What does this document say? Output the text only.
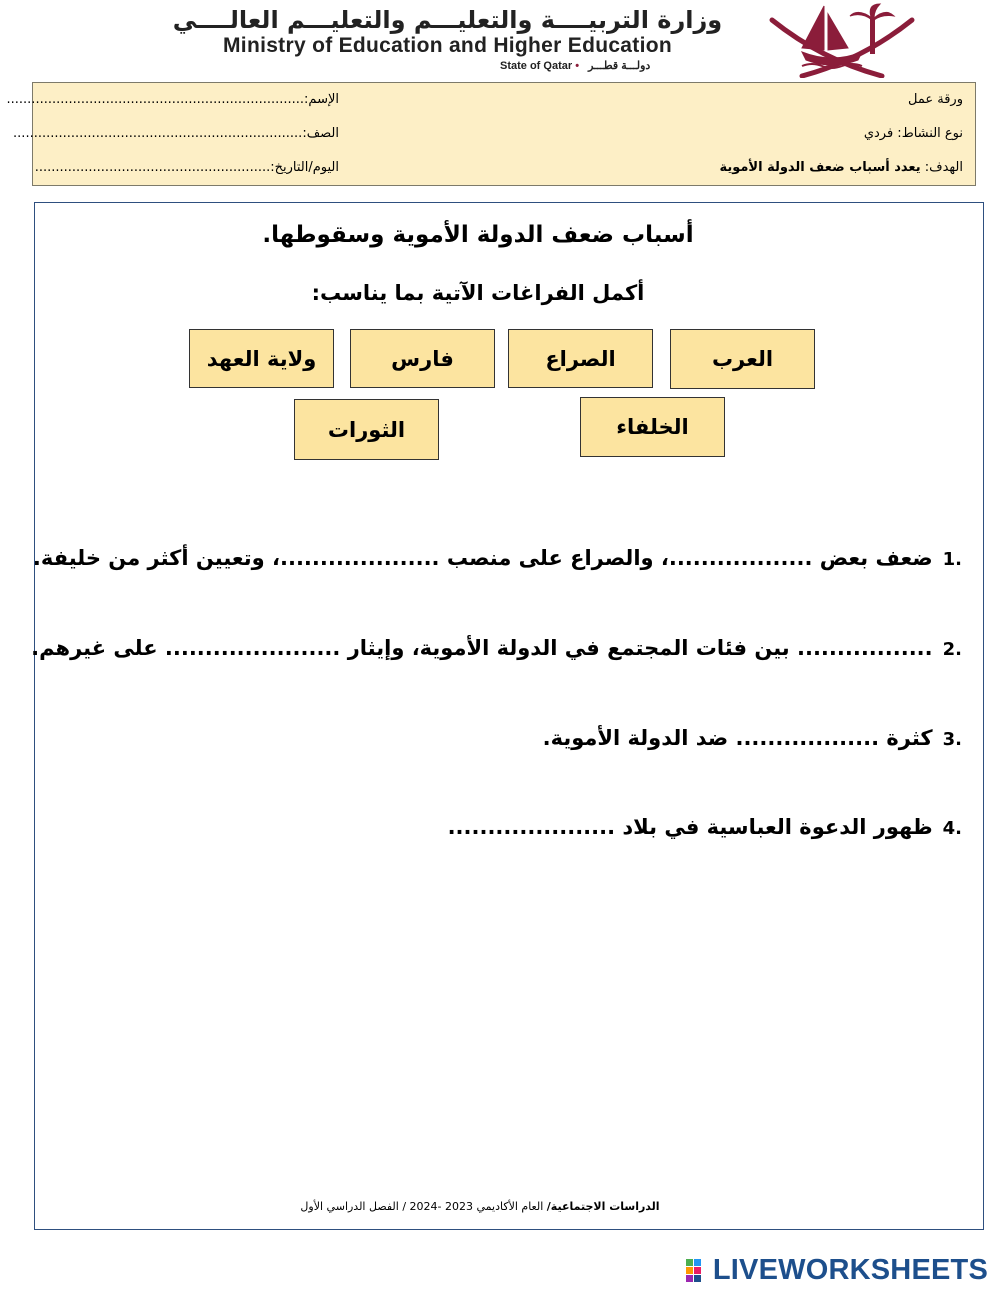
وزارة التربيــــة والتعليـــم والتعليـــم العالــــي
Ministry of Education and Higher Education
State of Qatar • دولـــة قطـــر
ورقة عمل
نوع النشاط: فردي
الهدف: يعدد أسباب ضعف الدولة الأموية
الإسم:........................................................................
الصف:......................................................................
اليوم/التاريخ:.........................................................
أسباب ضعف الدولة الأموية وسقوطها.
أكمل الفراغات الآتية بما يناسب:
العرب
الصراع
فارس
ولاية العهد
الخلفاء
الثورات
.1ضعف بعض ..................، والصراع على منصب ....................، وتعيين أكثر من خليفة.
.2................. بين فئات المجتمع في الدولة الأموية، وإيثار ...................... على غيرهم.
.3كثرة .................. ضد الدولة الأموية.
.4ظهور الدعوة العباسية في بلاد .....................
الدراسات الاجتماعية/ العام الأكاديمي 2023 -2024 / الفصل الدراسي الأول
LIVEWORKSHEETS
